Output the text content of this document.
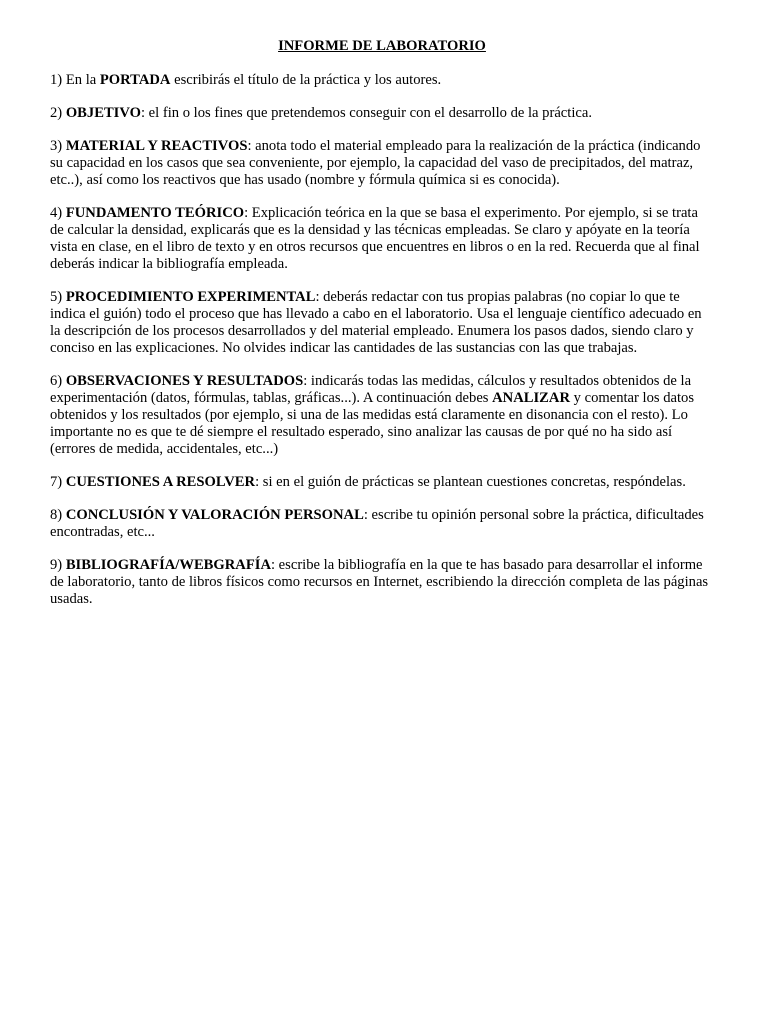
INFORME DE LABORATORIO

1) En la PORTADA escribirás el título de la práctica y los autores.

2) OBJETIVO: el fin o los fines que pretendemos conseguir con el desarrollo de la práctica.

3) MATERIAL Y REACTIVOS: anota todo el material empleado para la realización de la práctica (indicando su capacidad en los casos que sea conveniente, por ejemplo, la capacidad del vaso de precipitados, del matraz, etc..), así como los reactivos que has usado (nombre y fórmula química si es conocida).

4) FUNDAMENTO TEÓRICO: Explicación teórica en la que se basa el experimento. Por ejemplo, si se trata de calcular la densidad, explicarás que es la densidad y las técnicas empleadas. Se claro y apóyate en la teoría vista en clase, en el libro de texto y en otros recursos que encuentres en libros o en la red. Recuerda que al final deberás indicar la bibliografía empleada.

5) PROCEDIMIENTO EXPERIMENTAL: deberás redactar con tus propias palabras (no copiar lo que te indica el guión) todo el proceso que has llevado a cabo en el laboratorio. Usa el lenguaje científico adecuado en la descripción de los procesos desarrollados y del material empleado. Enumera los pasos dados, siendo claro y conciso en las explicaciones. No olvides indicar las cantidades de las sustancias con las que trabajas.

6) OBSERVACIONES Y RESULTADOS: indicarás todas las medidas, cálculos y resultados obtenidos de la experimentación (datos, fórmulas, tablas, gráficas...). A continuación debes ANALIZAR y comentar los datos obtenidos y los resultados (por ejemplo, si una de las medidas está claramente en disonancia con el resto). Lo importante no es que te dé siempre el resultado esperado, sino analizar las causas de por qué no ha sido así (errores de medida, accidentales, etc...)

7) CUESTIONES A RESOLVER: si en el guión de prácticas se plantean cuestiones concretas, respóndelas.

8) CONCLUSIÓN Y VALORACIÓN PERSONAL: escribe tu opinión personal sobre la práctica, dificultades encontradas, etc...

9) BIBLIOGRAFÍA/WEBGRAFÍA: escribe la bibliografía en la que te has basado para desarrollar el informe de laboratorio, tanto de libros físicos como recursos en Internet, escribiendo la dirección completa de las páginas usadas.
